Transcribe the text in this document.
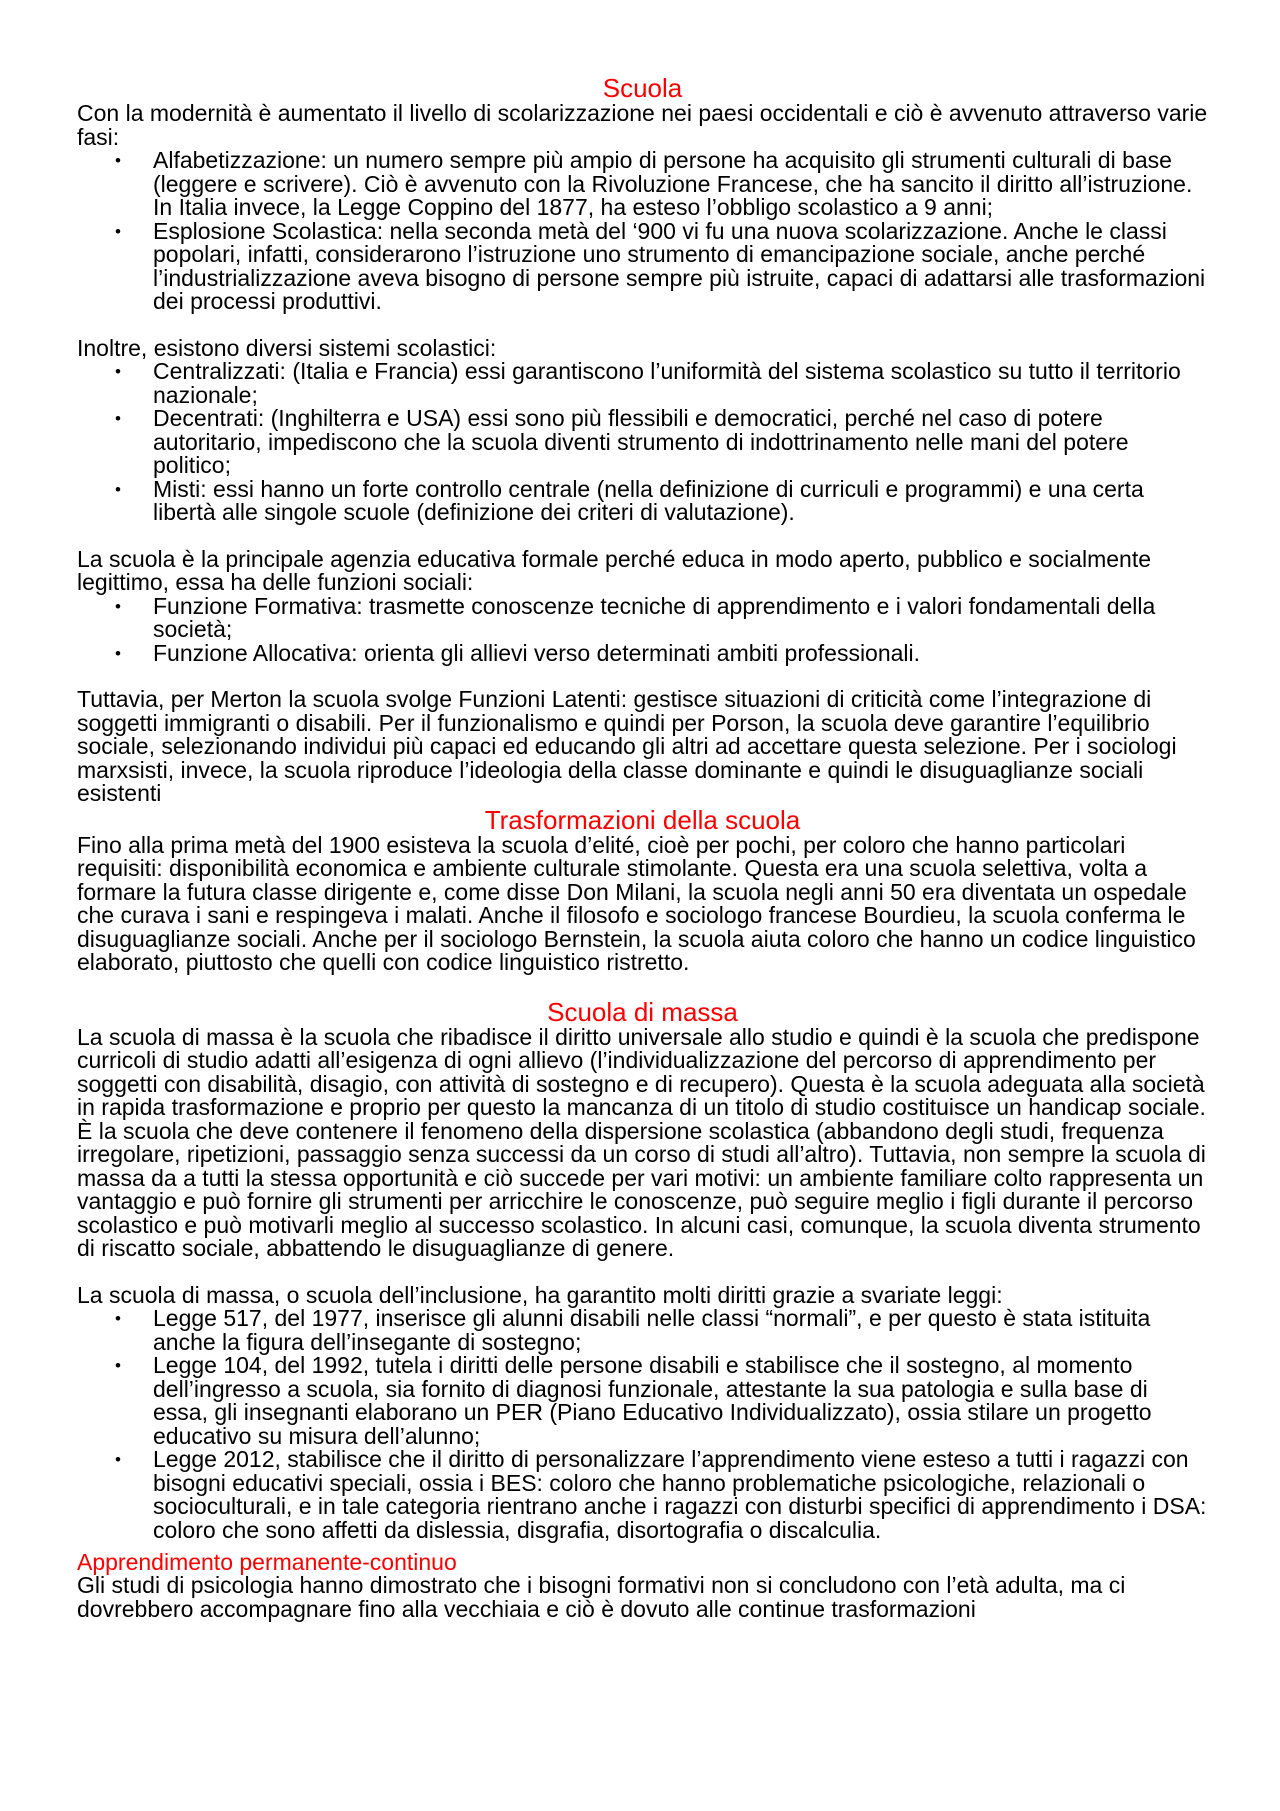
Scuola

Con la modernità è aumentato il livello di scolarizzazione nei paesi occidentali e ciò è avvenuto attraverso varie fasi:

• Alfabetizzazione: un numero sempre più ampio di persone ha acquisito gli strumenti culturali di base (leggere e scrivere). Ciò è avvenuto con la Rivoluzione Francese, che ha sancito il diritto all’istruzione. In Italia invece, la Legge Coppino del 1877, ha esteso l’obbligo scolastico a 9 anni;
• Esplosione Scolastica: nella seconda metà del ‘900 vi fu una nuova scolarizzazione. Anche le classi popolari, infatti, considerarono l’istruzione uno strumento di emancipazione sociale, anche perché l’industrializzazione aveva bisogno di persone sempre più istruite, capaci di adattarsi alle trasformazioni dei processi produttivi.

Inoltre, esistono diversi sistemi scolastici:

• Centralizzati: (Italia e Francia) essi garantiscono l’uniformità del sistema scolastico su tutto il territorio nazionale;
• Decentrati: (Inghilterra e USA) essi sono più flessibili e democratici, perché nel caso di potere autoritario, impediscono che la scuola diventi strumento di indottrinamento nelle mani del potere politico;
• Misti: essi hanno un forte controllo centrale (nella definizione di curriculi e programmi) e una certa libertà alle singole scuole (definizione dei criteri di valutazione).

La scuola è la principale agenzia educativa formale perché educa in modo aperto, pubblico e socialmente legittimo, essa ha delle funzioni sociali:

• Funzione Formativa: trasmette conoscenze tecniche di apprendimento e i valori fondamentali della società;
• Funzione Allocativa: orienta gli allievi verso determinati ambiti professionali.

Tuttavia, per Merton la scuola svolge Funzioni Latenti: gestisce situazioni di criticità come l’integrazione di soggetti immigranti o disabili. Per il funzionalismo e quindi per Porson, la scuola deve garantire l’equilibrio sociale, selezionando individui più capaci ed educando gli altri ad accettare questa selezione. Per i sociologi marxsisti, invece, la scuola riproduce l’ideologia della classe dominante e quindi le disuguaglianze sociali esistenti

Trasformazioni della scuola

Fino alla prima metà del 1900 esisteva la scuola d’elité, cioè per pochi, per coloro che hanno particolari requisiti: disponibilità economica e ambiente culturale stimolante. Questa era una scuola selettiva, volta a formare la futura classe dirigente e, come disse Don Milani, la scuola negli anni 50 era diventata un ospedale che curava i sani e respingeva i malati. Anche il filosofo e sociologo francese Bourdieu, la scuola conferma le disuguaglianze sociali. Anche per il sociologo Bernstein, la scuola aiuta coloro che hanno un codice linguistico elaborato, piuttosto che quelli con codice linguistico ristretto.

Scuola di massa

La scuola di massa è la scuola che ribadisce il diritto universale allo studio e quindi è la scuola che predispone curricoli di studio adatti all’esigenza di ogni allievo (l’individualizzazione del percorso di apprendimento per soggetti con disabilità, disagio, con attività di sostegno e di recupero). Questa è la scuola adeguata alla società in rapida trasformazione e proprio per questo la mancanza di un titolo di studio costituisce un handicap sociale. È la scuola che deve contenere il fenomeno della dispersione scolastica (abbandono degli studi, frequenza irregolare, ripetizioni, passaggio senza successi da un corso di studi all’altro). Tuttavia, non sempre la scuola di massa da a tutti la stessa opportunità e ciò succede per vari motivi: un ambiente familiare colto rappresenta un vantaggio e può fornire gli strumenti per arricchire le conoscenze, può seguire meglio i figli durante il percorso scolastico e può motivarli meglio al successo scolastico. In alcuni casi, comunque, la scuola diventa strumento di riscatto sociale, abbattendo le disuguaglianze di genere.

La scuola di massa, o scuola dell’inclusione, ha garantito molti diritti grazie a svariate leggi:

• Legge 517, del 1977, inserisce gli alunni disabili nelle classi “normali”, e per questo è stata istituita anche la figura dell’insegante di sostegno;
• Legge 104, del 1992, tutela i diritti delle persone disabili e stabilisce che il sostegno, al momento dell’ingresso a scuola, sia fornito di diagnosi funzionale, attestante la sua patologia e sulla base di essa, gli insegnanti elaborano un PER (Piano Educativo Individualizzato), ossia stilare un progetto educativo su misura dell’alunno;
• Legge 2012, stabilisce che il diritto di personalizzare l’apprendimento viene esteso a tutti i ragazzi con bisogni educativi speciali, ossia i BES: coloro che hanno problematiche psicologiche, relazionali o socioculturali, e in tale categoria rientrano anche i ragazzi con disturbi specifici di apprendimento i DSA: coloro che sono affetti da dislessia, disgrafia, disortografia o discalculia.
Apprendimento permanente-continuo

Gli studi di psicologia hanno dimostrato che i bisogni formativi non si concludono con l’età adulta, ma ci dovrebbero accompagnare fino alla vecchiaia e ciò è dovuto alle continue trasformazioni
